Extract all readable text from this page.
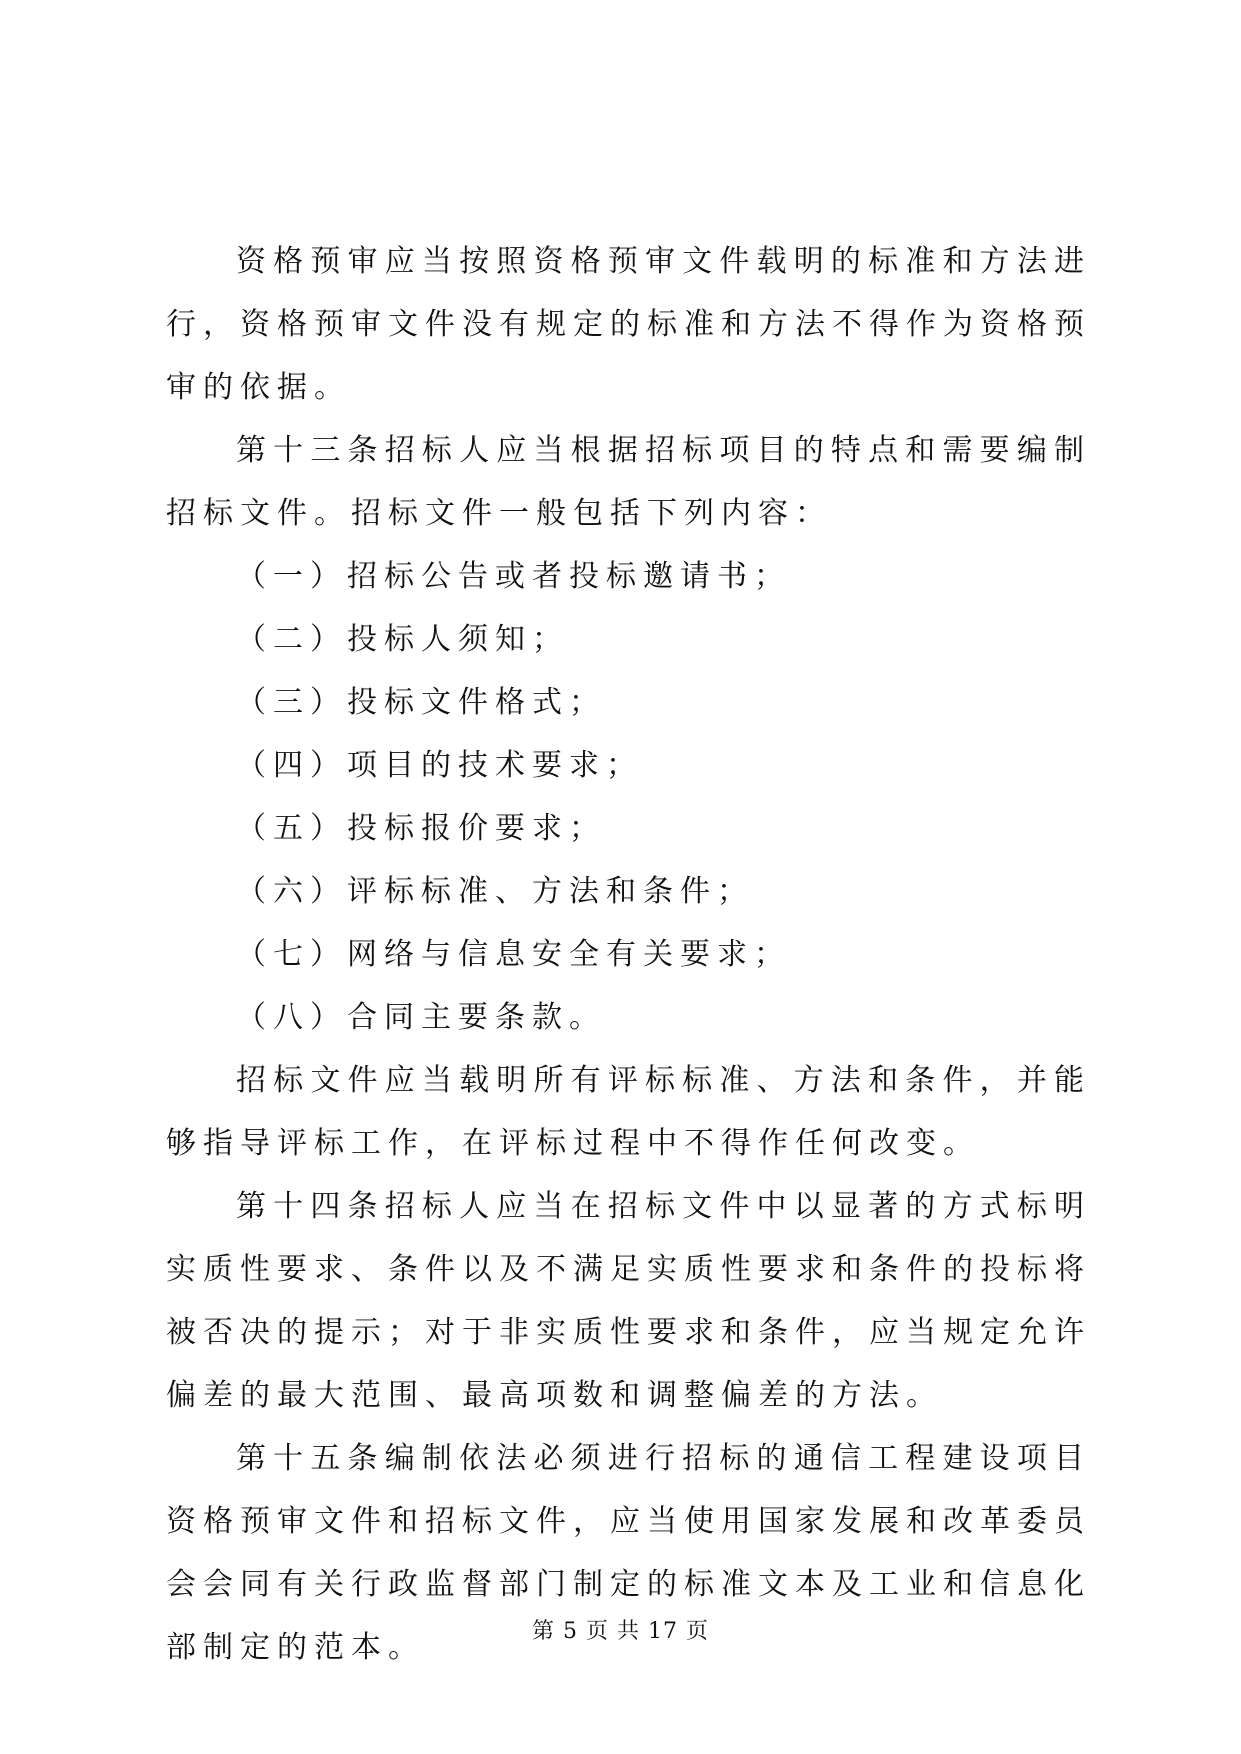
资格预审应当按照资格预审文件载明的标准和方法进行，资格预审文件没有规定的标准和方法不得作为资格预审的依据。

第十三条招标人应当根据招标项目的特点和需要编制招标文件。招标文件一般包括下列内容：

（一）招标公告或者投标邀请书；

（二）投标人须知；

（三）投标文件格式；

（四）项目的技术要求；

（五）投标报价要求；

（六）评标标准、方法和条件；

（七）网络与信息安全有关要求；

（八）合同主要条款。

招标文件应当载明所有评标标准、方法和条件，并能够指导评标工作，在评标过程中不得作任何改变。

第十四条招标人应当在招标文件中以显著的方式标明实质性要求、条件以及不满足实质性要求和条件的投标将被否决的提示；对于非实质性要求和条件，应当规定允许偏差的最大范围、最高项数和调整偏差的方法。

第十五条编制依法必须进行招标的通信工程建设项目资格预审文件和招标文件，应当使用国家发展和改革委员会会同有关行政监督部门制定的标准文本及工业和信息化部制定的范本。	第 5 页 共 17 页
